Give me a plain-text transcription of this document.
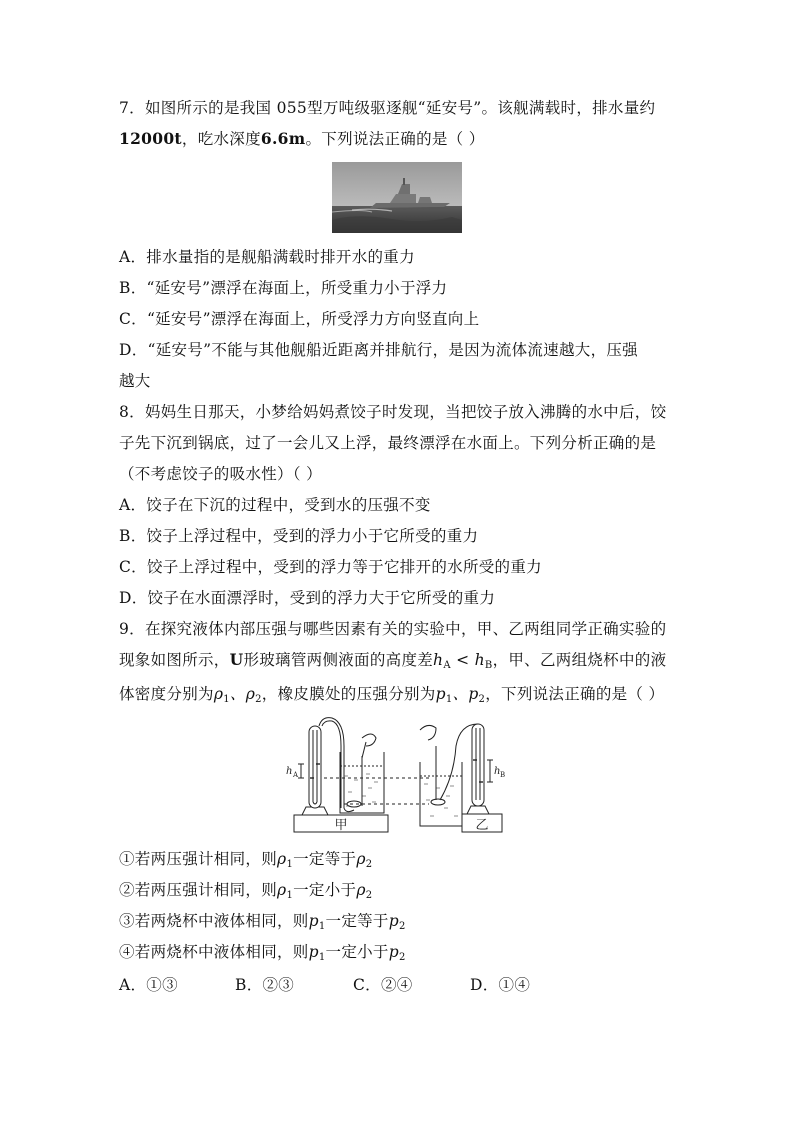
7．如图所示的是我国 055型万吨级驱逐舰“延安号”。该舰满载时，排水量约
12000t，吃水深度6.6m。下列说法正确的是（ ）
A．排水量指的是舰船满载时排开水的重力
B．“延安号”漂浮在海面上，所受重力小于浮力
C．“延安号”漂浮在海面上，所受浮力方向竖直向上
D．“延安号”不能与其他舰船近距离并排航行，是因为流体流速越大，压强
越大
8．妈妈生日那天，小梦给妈妈煮饺子时发现，当把饺子放入沸腾的水中后，饺
子先下沉到锅底，过了一会儿又上浮，最终漂浮在水面上。下列分析正确的是
（不考虑饺子的吸水性）（ ）
A．饺子在下沉的过程中，受到水的压强不变
B．饺子上浮过程中，受到的浮力小于它所受的重力
C．饺子上浮过程中，受到的浮力等于它排开的水所受的重力
D．饺子在水面漂浮时，受到的浮力大于它所受的重力
9．在探究液体内部压强与哪些因素有关的实验中，甲、乙两组同学正确实验的
现象如图所示，U形玻璃管两侧液面的高度差$h_A < h_B$，甲、乙两组烧杯中的液
体密度分别为$\rho_1$、$\rho_2$，橡皮膜处的压强分别为$p_1$、$p_2$，下列说法正确的是（ ）
甲
h A	h B
乙
①若两压强计相同，则$\rho_1$一定等于$\rho_2$
②若两压强计相同，则$\rho_1$一定小于$\rho_2$
③若两烧杯中液体相同，则$p_1$一定等于$p_2$
④若两烧杯中液体相同，则$p_1$一定小于$p_2$
A．①③	B．②③	C．②④	D．①④
